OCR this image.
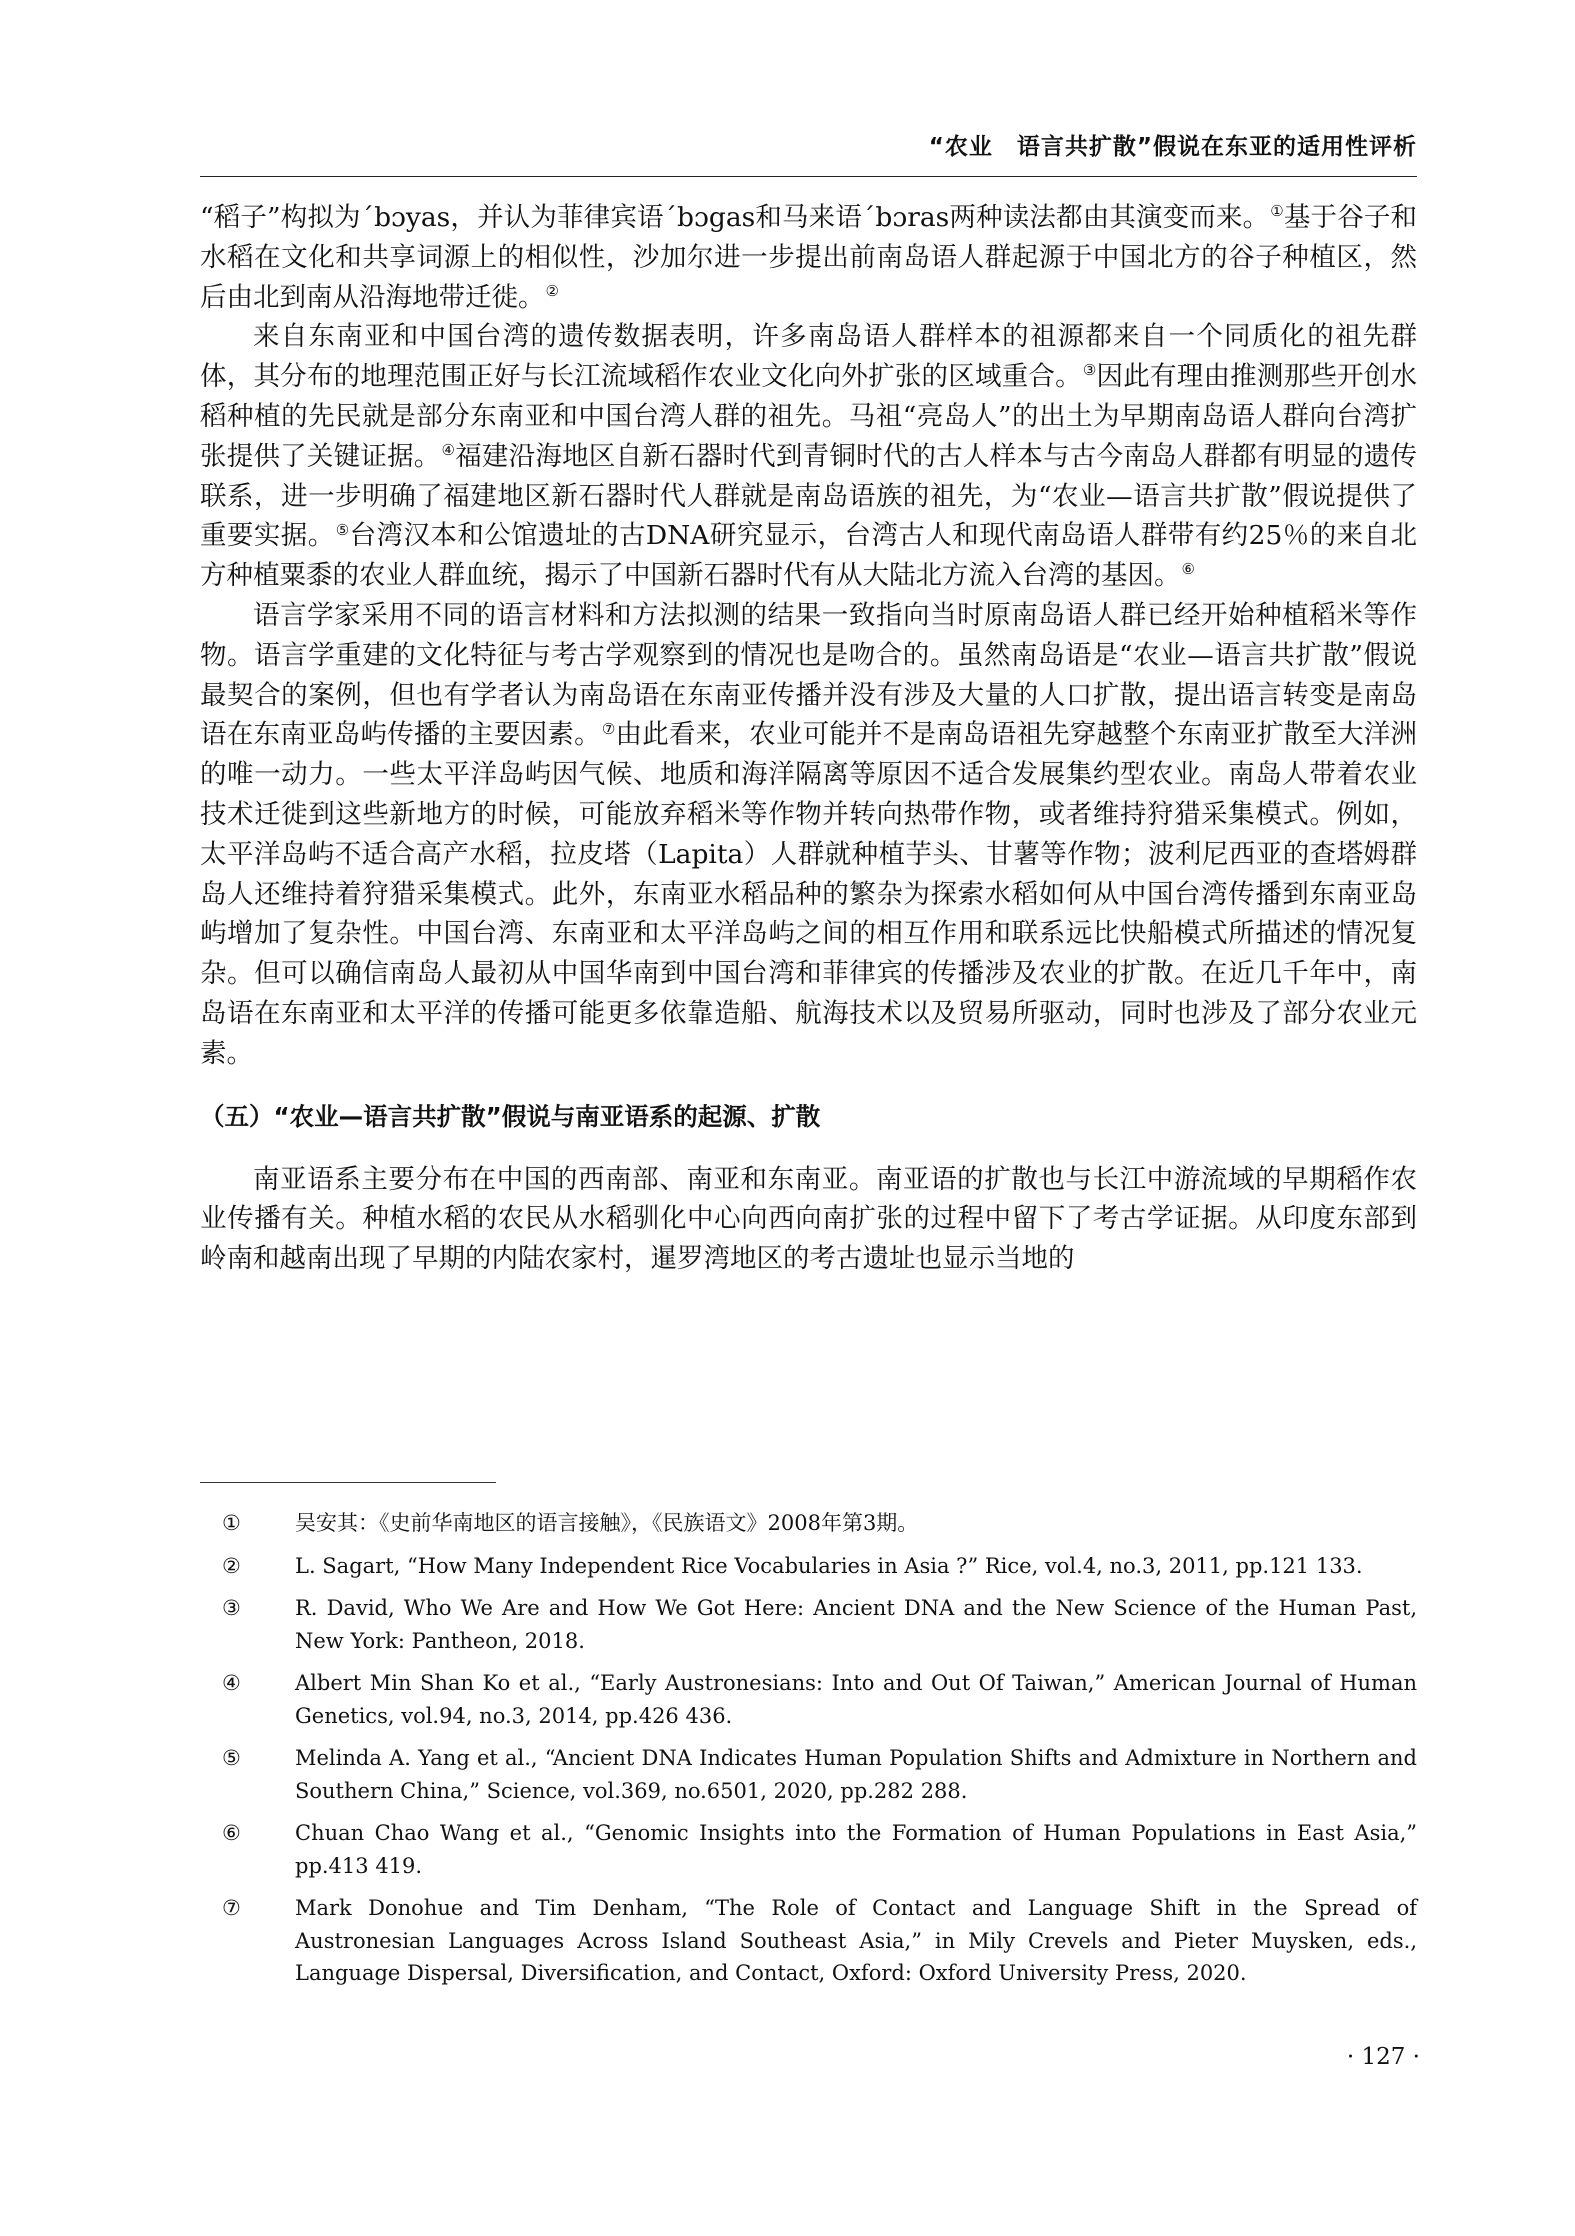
“农业　语言共扩散”假说在东亚的适用性评析

“稻子”构拟为ˊbɔyas，并认为菲律宾语ˊbɔgas和马来语ˊbɔras两种读法都由其演变而来。①基于谷子和水稻在文化和共享词源上的相似性，沙加尔进一步提出前南岛语人群起源于中国北方的谷子种植区，然后由北到南从沿海地带迁徙。②

来自东南亚和中国台湾的遗传数据表明，许多南岛语人群样本的祖源都来自一个同质化的祖先群体，其分布的地理范围正好与长江流域稻作农业文化向外扩张的区域重合。③因此有理由推测那些开创水稻种植的先民就是部分东南亚和中国台湾人群的祖先。马祖“亮岛人”的出土为早期南岛语人群向台湾扩张提供了关键证据。④福建沿海地区自新石器时代到青铜时代的古人样本与古今南岛人群都有明显的遗传联系，进一步明确了福建地区新石器时代人群就是南岛语族的祖先，为“农业—语言共扩散”假说提供了重要实据。⑤台湾汉本和公馆遗址的古DNA研究显示，台湾古人和现代南岛语人群带有约25％的来自北方种植粟黍的农业人群血统，揭示了中国新石器时代有从大陆北方流入台湾的基因。⑥

语言学家采用不同的语言材料和方法拟测的结果一致指向当时原南岛语人群已经开始种植稻米等作物。语言学重建的文化特征与考古学观察到的情况也是吻合的。虽然南岛语是“农业—语言共扩散”假说最契合的案例，但也有学者认为南岛语在东南亚传播并没有涉及大量的人口扩散，提出语言转变是南岛语在东南亚岛屿传播的主要因素。⑦由此看来，农业可能并不是南岛语祖先穿越整个东南亚扩散至大洋洲的唯一动力。一些太平洋岛屿因气候、地质和海洋隔离等原因不适合发展集约型农业。南岛人带着农业技术迁徙到这些新地方的时候，可能放弃稻米等作物并转向热带作物，或者维持狩猎采集模式。例如，太平洋岛屿不适合高产水稻，拉皮塔（Lapita）人群就种植芋头、甘薯等作物；波利尼西亚的查塔姆群岛人还维持着狩猎采集模式。此外，东南亚水稻品种的繁杂为探索水稻如何从中国台湾传播到东南亚岛屿增加了复杂性。中国台湾、东南亚和太平洋岛屿之间的相互作用和联系远比快船模式所描述的情况复杂。但可以确信南岛人最初从中国华南到中国台湾和菲律宾的传播涉及农业的扩散。在近几千年中，南岛语在东南亚和太平洋的传播可能更多依靠造船、航海技术以及贸易所驱动，同时也涉及了部分农业元素。

（五）“农业—语言共扩散”假说与南亚语系的起源、扩散

南亚语系主要分布在中国的西南部、南亚和东南亚。南亚语的扩散也与长江中游流域的早期稻作农业传播有关。种植水稻的农民从水稻驯化中心向西向南扩张的过程中留下了考古学证据。从印度东部到岭南和越南出现了早期的内陆农家村，暹罗湾地区的考古遗址也显示当地的

①	吴安其：《史前华南地区的语言接触》，《民族语文》2008年第3期。
②	L. Sagart, “How Many Independent Rice Vocabularies in Asia ?” Rice, vol.4, no.3, 2011, pp.121 133.
③	R. David, Who We Are and How We Got Here: Ancient DNA and the New Science of the Human Past, New York: Pantheon, 2018.
④	Albert Min Shan Ko et al., “Early Austronesians: Into and Out Of Taiwan,” American Journal of Human Genetics, vol.94, no.3, 2014, pp.426 436.
⑤	Melinda A. Yang et al., “Ancient DNA Indicates Human Population Shifts and Admixture in Northern and Southern China,” Science, vol.369, no.6501, 2020, pp.282 288.
⑥	Chuan Chao Wang et al., “Genomic Insights into the Formation of Human Populations in East Asia,” pp.413 419.
⑦	Mark Donohue and Tim Denham, “The Role of Contact and Language Shift in the Spread of Austronesian Languages Across Island Southeast Asia,” in Mily Crevels and Pieter Muysken, eds., Language Dispersal, Diversification, and Contact, Oxford: Oxford University Press, 2020.
· 127 ·
